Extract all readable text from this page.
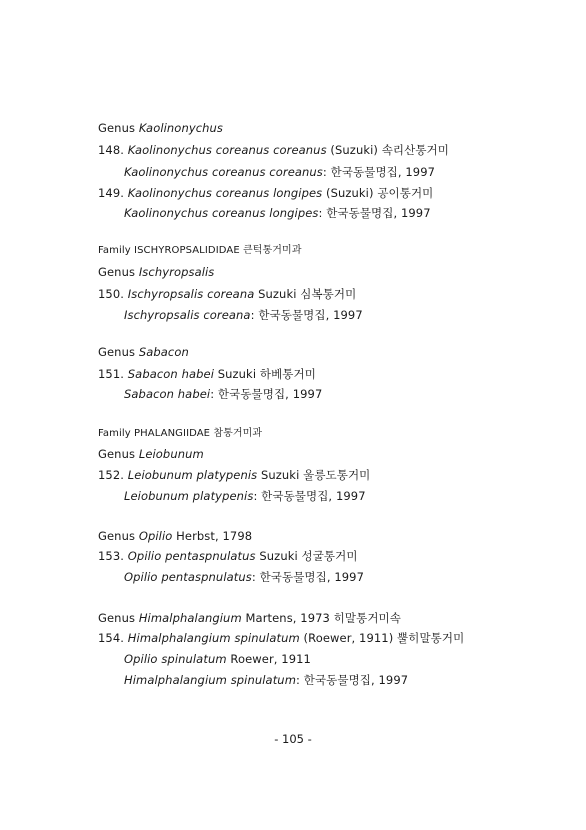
Genus Kaolinonychus
148. Kaolinonychus coreanus coreanus (Suzuki) 속리산통거미
Kaolinonychus coreanus coreanus: 한국동물명집, 1997
149. Kaolinonychus coreanus longipes (Suzuki) 공이통거미
Kaolinonychus coreanus longipes: 한국동물명집, 1997
Family ISCHYROPSALIDIDAE 큰턱통거미과
Genus Ischyropsalis
150. Ischyropsalis coreana Suzuki 심복통거미
Ischyropsalis coreana: 한국동물명집, 1997
Genus Sabacon
151. Sabacon habei Suzuki 하베통거미
Sabacon habei: 한국동물명집, 1997
Family PHALANGIIDAE 참통거미과
Genus Leiobunum
152. Leiobunum platypenis Suzuki 울릉도통거미
Leiobunum platypenis: 한국동물명집, 1997
Genus Opilio Herbst, 1798
153. Opilio pentaspnulatus Suzuki 성굴통거미
Opilio pentaspnulatus: 한국동물명집, 1997
Genus Himalphalangium Martens, 1973 히말통거미속
154. Himalphalangium spinulatum (Roewer, 1911) 뿔히말통거미
Opilio spinulatum Roewer, 1911
Himalphalangium spinulatum: 한국동물명집, 1997
- 105 -
